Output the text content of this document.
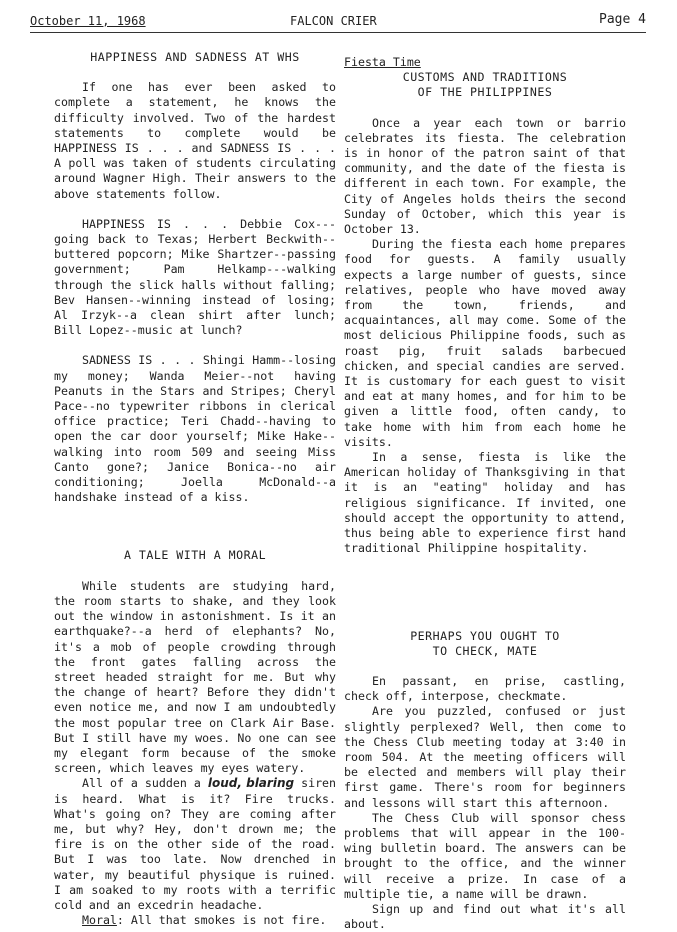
October 11, 1968	FALCON CRIER	Page 4
HAPPINESS AND SADNESS AT WHS

If one has ever been asked to complete a statement, he knows the difficulty involved. Two of the hardest statements to complete would be HAPPINESS IS . . . and SADNESS IS . . . A poll was taken of students circulating around Wagner High. Their answers to the above statements follow.

HAPPINESS IS . . . Debbie Cox---going back to Texas; Herbert Beckwith--buttered popcorn; Mike Shartzer--passing government; Pam Helkamp---walking through the slick halls without falling; Bev Hansen--winning instead of losing; Al Irzyk--a clean shirt after lunch; Bill Lopez--music at lunch?

SADNESS IS . . . Shingi Hamm--losing my money; Wanda Meier--not having Peanuts in the Stars and Stripes; Cheryl Pace--no typewriter ribbons in clerical office practice; Teri Chadd--having to open the car door yourself; Mike Hake--walking into room 509 and seeing Miss Canto gone?; Janice Bonica--no air conditioning; Joella McDonald--a handshake instead of a kiss.

A TALE WITH A MORAL

While students are studying hard, the room starts to shake, and they look out the window in astonishment. Is it an earthquake?--a herd of elephants? No, it's a mob of people crowding through the front gates falling across the street headed straight for me. But why the change of heart? Before they didn't even notice me, and now I am undoubtedly the most popular tree on Clark Air Base. But I still have my woes. No one can see my elegant form because of the smoke screen, which leaves my eyes watery.

All of a sudden a loud, blaring siren is heard. What is it? Fire trucks. What's going on? They are coming after me, but why? Hey, don't drown me; the fire is on the other side of the road. But I was too late. Now drenched in water, my beautiful physique is ruined. I am soaked to my roots with a terrific cold and an excedrin headache.

Moral: All that smokes is not fire.

Fiesta Time
CUSTOMS AND TRADITIONS
OF THE PHILIPPINES

Once a year each town or barrio celebrates its fiesta. The celebration is in honor of the patron saint of that community, and the date of the fiesta is different in each town. For example, the City of Angeles holds theirs the second Sunday of October, which this year is October 13.

During the fiesta each home prepares food for guests. A family usually expects a large number of guests, since relatives, people who have moved away from the town, friends, and acquaintances, all may come. Some of the most delicious Philippine foods, such as roast pig, fruit salads barbecued chicken, and special candies are served. It is customary for each guest to visit and eat at many homes, and for him to be given a little food, often candy, to take home with him from each home he visits.

In a sense, fiesta is like the American holiday of Thanksgiving in that it is an "eating" holiday and has religious significance. If invited, one should accept the opportunity to attend, thus being able to experience first hand traditional Philippine hospitality.

PERHAPS YOU OUGHT TO
TO CHECK, MATE

En passant, en prise, castling, check off, interpose, checkmate.

Are you puzzled, confused or just slightly perplexed? Well, then come to the Chess Club meeting today at 3:40 in room 504. At the meeting officers will be elected and members will play their first game. There's room for beginners and lessons will start this afternoon.

The Chess Club will sponsor chess problems that will appear in the 100-wing bulletin board. The answers can be brought to the office, and the winner will receive a prize. In case of a multiple tie, a name will be drawn.

Sign up and find out what it's all about.
